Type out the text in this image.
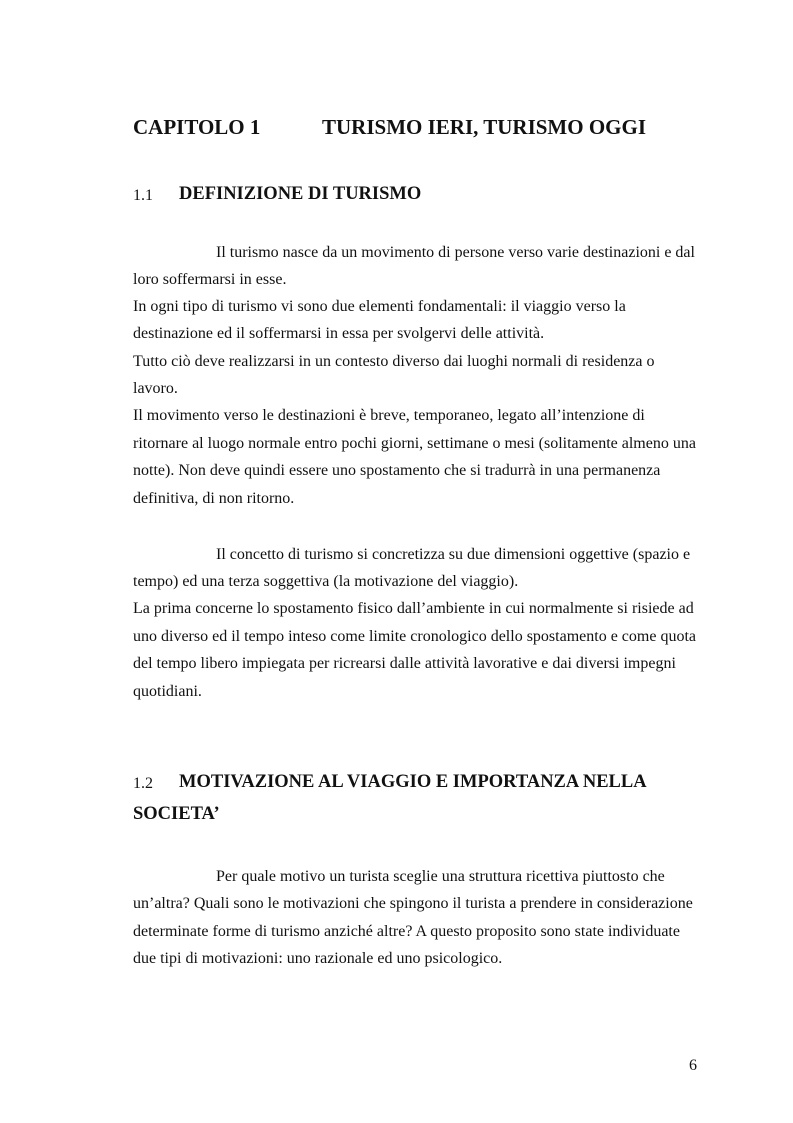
CAPITOLO 1	TURISMO IERI, TURISMO OGGI
1.1 DEFINIZIONE DI TURISMO
Il turismo nasce da un movimento di persone verso varie destinazioni e dal
loro soffermarsi in esse.
In ogni tipo di turismo vi sono due elementi fondamentali: il viaggio verso la
destinazione ed il soffermarsi in essa per svolgervi delle attività.
Tutto ciò deve realizzarsi in un contesto diverso dai luoghi normali di residenza o
lavoro.
Il movimento verso le destinazioni è breve, temporaneo, legato all’intenzione di
ritornare al luogo normale entro pochi giorni, settimane o mesi (solitamente almeno una
notte). Non deve quindi essere uno spostamento che si tradurrà in una permanenza
definitiva, di non ritorno.
Il concetto di turismo si concretizza su due dimensioni oggettive (spazio e
tempo) ed una terza soggettiva (la motivazione del viaggio).
La prima concerne lo spostamento fisico dall’ambiente in cui normalmente si risiede ad
uno diverso ed il tempo inteso come limite cronologico dello spostamento e come quota
del tempo libero impiegata per ricrearsi dalle attività lavorative e dai diversi impegni
quotidiani.
1.2 MOTIVAZIONE AL VIAGGIO E IMPORTANZA NELLA
SOCIETA’
Per quale motivo un turista sceglie una struttura ricettiva piuttosto che
un’altra? Quali sono le motivazioni che spingono il turista a prendere in considerazione
determinate forme di turismo anziché altre? A questo proposito sono state individuate
due tipi di motivazioni: uno razionale ed uno psicologico.
6
